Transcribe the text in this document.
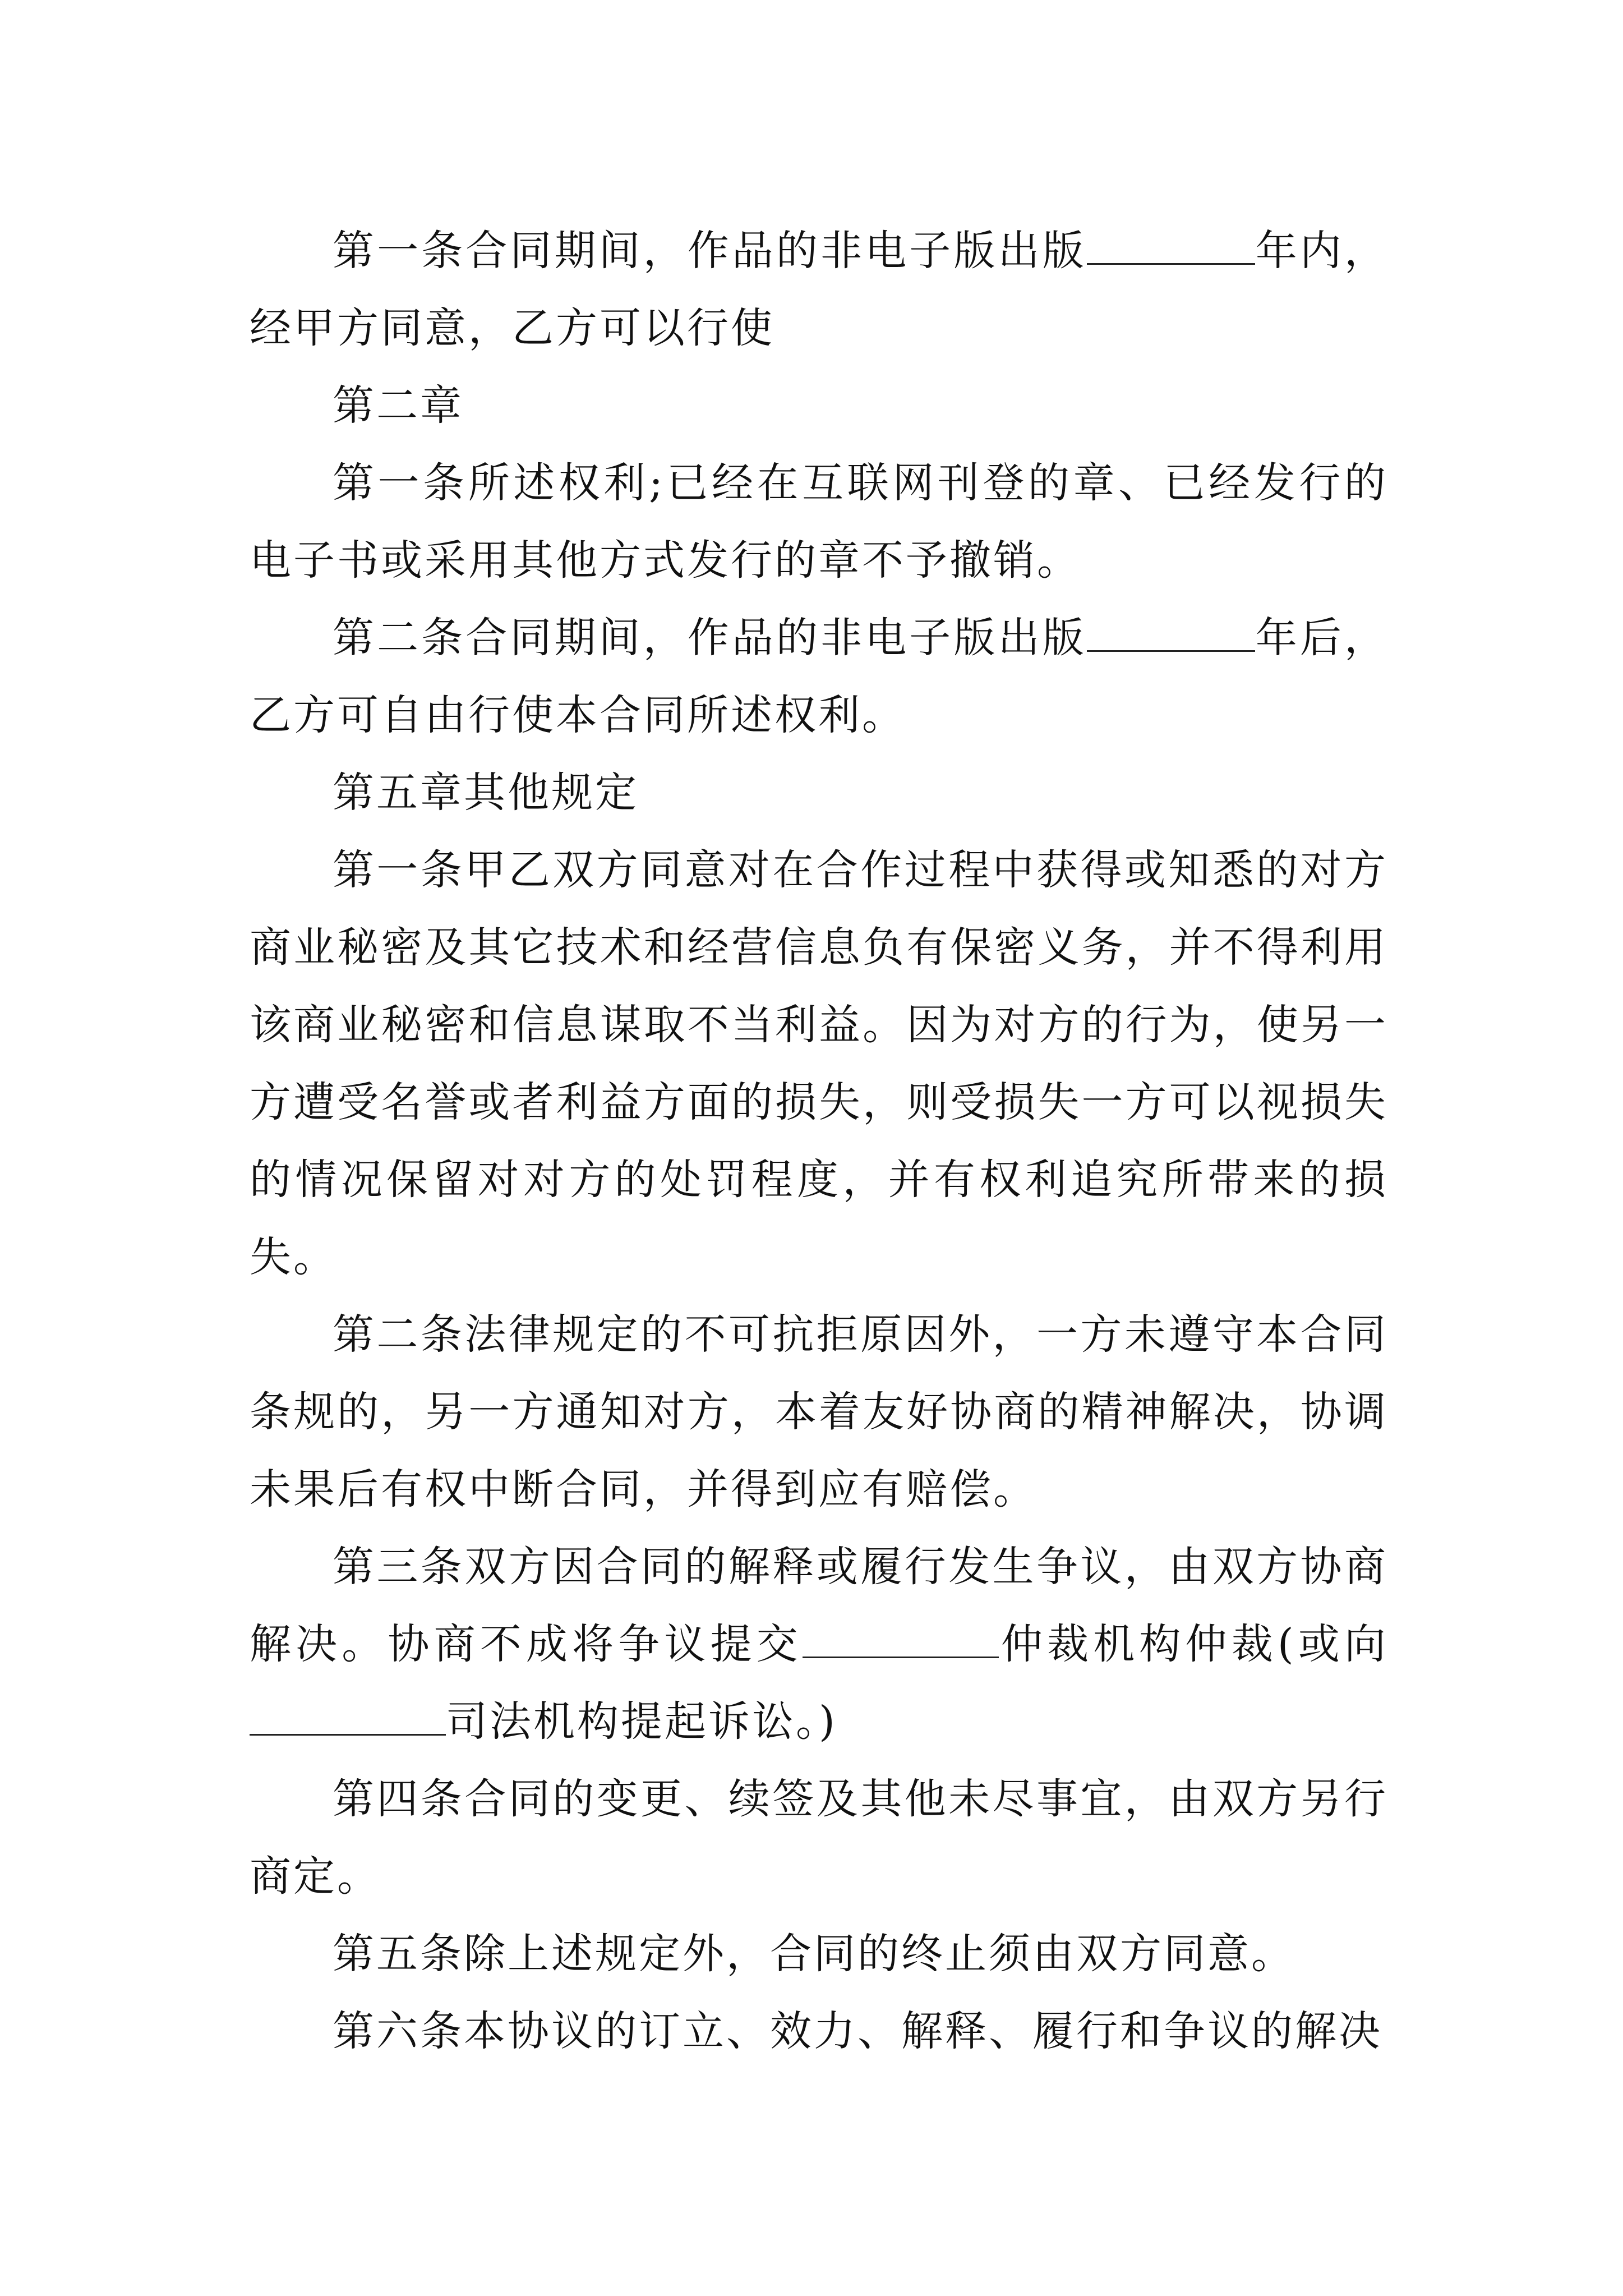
第一条合同期间，作品的非电子版出版	年内，经甲方同意，乙方可以行使

第二章

第一条所述权利;已经在互联网刊登的章、已经发行的电子书或采用其他方式发行的章不予撤销。

第二条合同期间，作品的非电子版出版	年后，乙方可自由行使本合同所述权利。

第五章其他规定

第一条甲乙双方同意对在合作过程中获得或知悉的对方商业秘密及其它技术和经营信息负有保密义务，并不得利用该商业秘密和信息谋取不当利益。因为对方的行为，使另一方遭受名誉或者利益方面的损失，则受损失一方可以视损失的情况保留对对方的处罚程度，并有权利追究所带来的损失。

第二条法律规定的不可抗拒原因外，一方未遵守本合同条规的，另一方通知对方，本着友好协商的精神解决，协调未果后有权中断合同，并得到应有赔偿。

第三条双方因合同的解释或履行发生争议，由双方协商解决。协商不成将争议提交	仲裁机构仲裁(或向司法机构提起诉讼。)

第四条合同的变更、续签及其他未尽事宜，由双方另行商定。

第五条除上述规定外，合同的终止须由双方同意。

第六条本协议的订立、效力、解释、履行和争议的解决
